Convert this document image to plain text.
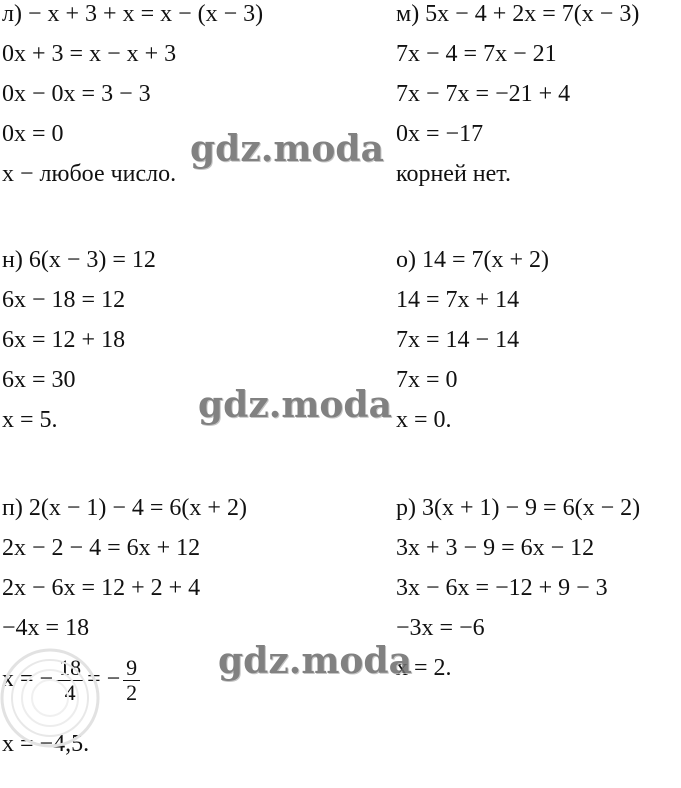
л) − x + 3 + x = x − (x − 3)
0x + 3 = x − x + 3
0x − 0x = 3 − 3
0x = 0
x − любое число.
м) 5x − 4 + 2x = 7(x − 3)
7x − 4 = 7x − 21
7x − 7x = −21 + 4
0x = −17
корней нет.
н) 6(x − 3) = 12
6x − 18 = 12
6x = 12 + 18
6x = 30
x = 5.
о) 14 = 7(x + 2)
14 = 7x + 14
7x = 14 − 14
7x = 0
x = 0.
п) 2(x − 1) − 4 = 6(x + 2)
2x − 2 − 4 = 6x + 12
2x − 6x = 12 + 2 + 4
−4x = 18
x = − $\frac{18}{4}$ = − $\frac{9}{2}$
x = −4,5.
р) 3(x + 1) − 9 = 6(x − 2)
3x + 3 − 9 = 6x − 12
3x − 6x = −12 + 9 − 3
−3x = −6
x = 2.
gdz.moda
gdz.moda
gdz.moda
